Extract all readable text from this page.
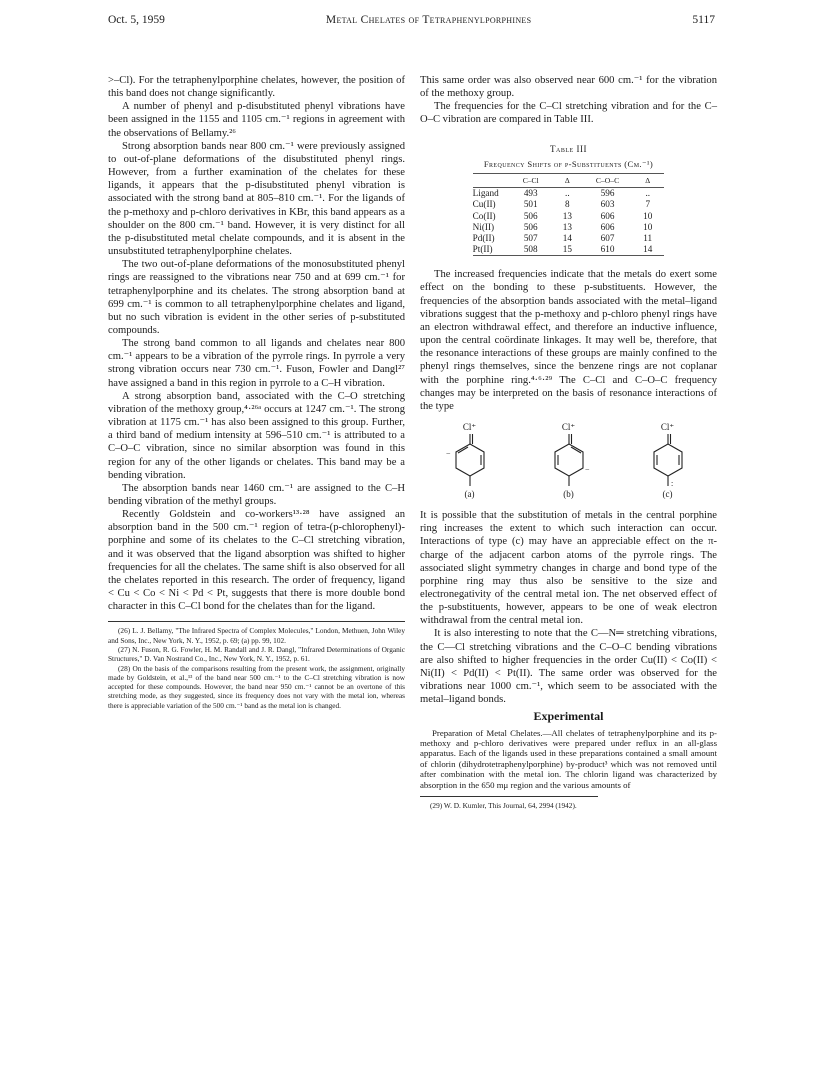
Oct. 5, 1959	Metal Chelates of Tetraphenylporphines	5117

>–Cl). For the tetraphenylporphine chelates, however, the position of this band does not change significantly.

A number of phenyl and p-disubstituted phenyl vibrations have been assigned in the 1155 and 1105 cm.⁻¹ regions in agreement with the observations of Bellamy.²⁶

Strong absorption bands near 800 cm.⁻¹ were previously assigned to out-of-plane deformations of the disubstituted phenyl rings. However, from a further examination of the chelates for these ligands, it appears that the p-disubstituted phenyl vibration is associated with the strong band at 805–810 cm.⁻¹. For the ligands of the p-methoxy and p-chloro derivatives in KBr, this band appears as a shoulder on the 800 cm.⁻¹ band. However, it is very distinct for all the p-disubstituted metal chelate compounds, and it is absent in the unsubstituted tetraphenylporphine chelates.

The two out-of-plane deformations of the monosubstituted phenyl rings are reassigned to the vibrations near 750 and at 699 cm.⁻¹ for tetraphenylporphine and its chelates. The strong absorption band at 699 cm.⁻¹ is common to all tetraphenylporphine chelates and ligand, but no such vibration is evident in the other series of p-substituted compounds.

The strong band common to all ligands and chelates near 800 cm.⁻¹ appears to be a vibration of the pyrrole rings. In pyrrole a very strong vibration occurs near 730 cm.⁻¹. Fuson, Fowler and Dangl²⁷ have assigned a band in this region in pyrrole to a C–H vibration.

A strong absorption band, associated with the C–O stretching vibration of the methoxy group,⁴·²⁶ᵃ occurs at 1247 cm.⁻¹. The strong vibration at 1175 cm.⁻¹ has also been assigned to this group. Further, a third band of medium intensity at 596–510 cm.⁻¹ is attributed to a C–O–C vibration, since no similar absorption was found in this region for any of the other ligands or chelates. This band may be a bending vibration.

The absorption bands near 1460 cm.⁻¹ are assigned to the C–H bending vibration of the methyl groups.

Recently Goldstein and co-workers¹³·²⁸ have assigned an absorption band in the 500 cm.⁻¹ region of tetra-(p-chlorophenyl)-porphine and some of its chelates to the C–Cl stretching vibration, and it was observed that the ligand absorption was shifted to higher frequencies for all the chelates. The same shift is also observed for all the chelates reported in this research. The order of frequency, ligand < Cu < Co < Ni < Pd < Pt, suggests that there is more double bond character in this C–Cl bond for the chelates than for the ligand.

(26) L. J. Bellamy, "The Infrared Spectra of Complex Molecules," London, Methuen, John Wiley and Sons, Inc., New York, N. Y., 1952, p. 69; (a) pp. 99, 102.

(27) N. Fuson, R. G. Fowler, H. M. Randall and J. R. Dangl, "Infrared Determinations of Organic Structures," D. Van Nostrand Co., Inc., New York, N. Y., 1952, p. 61.

(28) On the basis of the comparisons resulting from the present work, the assignment, originally made by Goldstein, et al.,¹³ of the band near 500 cm.⁻¹ to the C–Cl stretching vibration is now accepted for these compounds. However, the band near 950 cm.⁻¹ cannot be an overtone of this stretching mode, as they suggested, since its frequency does not vary with the metal ion, whereas there is appreciable variation of the 500 cm.⁻¹ band as the metal ion is changed.

This same order was also observed near 600 cm.⁻¹ for the vibration of the methoxy group.

The frequencies for the C–Cl stretching vibration and for the C–O–C vibration are compared in Table III.

Table III
Frequency Shifts of p-Substituents (Cm.⁻¹)
	C–Cl	Δ	C–O–C	Δ
Ligand	493	..	596	..
Cu(II)	501	8	603	7
Co(II)	506	13	606	10
Ni(II)	506	13	606	10
Pd(II)	507	14	607	11
Pt(II)	508	15	610	14

The increased frequencies indicate that the metals do exert some effect on the bonding to these p-substituents. However, the frequencies of the absorption bands associated with the metal–ligand vibrations suggest that the p-methoxy and p-chloro phenyl rings have an electron withdrawal effect, and therefore an inductive influence, upon the central coördinate linkages. It may well be, therefore, that the resonance interactions of these groups are mainly confined to the phenyl rings themselves, since the benzene rings are not coplanar with the porphine ring.⁴·⁶·²⁹ The C–Cl and C–O–C frequency changes may be interpreted on the basis of resonance interactions of the type

Cl⁺
−
(a)
Cl⁺
−
(b)
Cl⁺
:
(c)

It is possible that the substitution of metals in the central porphine ring increases the extent to which such interaction can occur. Interactions of type (c) may have an appreciable effect on the π-charge of the adjacent carbon atoms of the pyrrole rings. The associated slight symmetry changes in charge and bond type of the porphine ring may thus also be sensitive to the size and electronegativity of the central metal ion. The net observed effect of the p-substituents, however, appears to be one of weak electron withdrawal from the central metal ion.

It is also interesting to note that the C—N═ stretching vibrations, the C—Cl stretching vibrations and the C–O–C bending vibrations are also shifted to higher frequencies in the order Cu(II) < Co(II) < Ni(II) < Pd(II) < Pt(II). The same order was observed for the vibrations near 1000 cm.⁻¹, which seem to be associated with the metal–ligand bonds.

Experimental

Preparation of Metal Chelates.—All chelates of tetraphenylporphine and its p-methoxy and p-chloro derivatives were prepared under reflux in an all-glass apparatus. Each of the ligands used in these preparations contained a small amount of chlorin (dihydrotetraphenylporphine) by-product³ which was not removed until after combination with the metal ion. The chlorin ligand was characterized by absorption in the 650 mμ region and the various amounts of

(29) W. D. Kumler, This Journal, 64, 2994 (1942).
